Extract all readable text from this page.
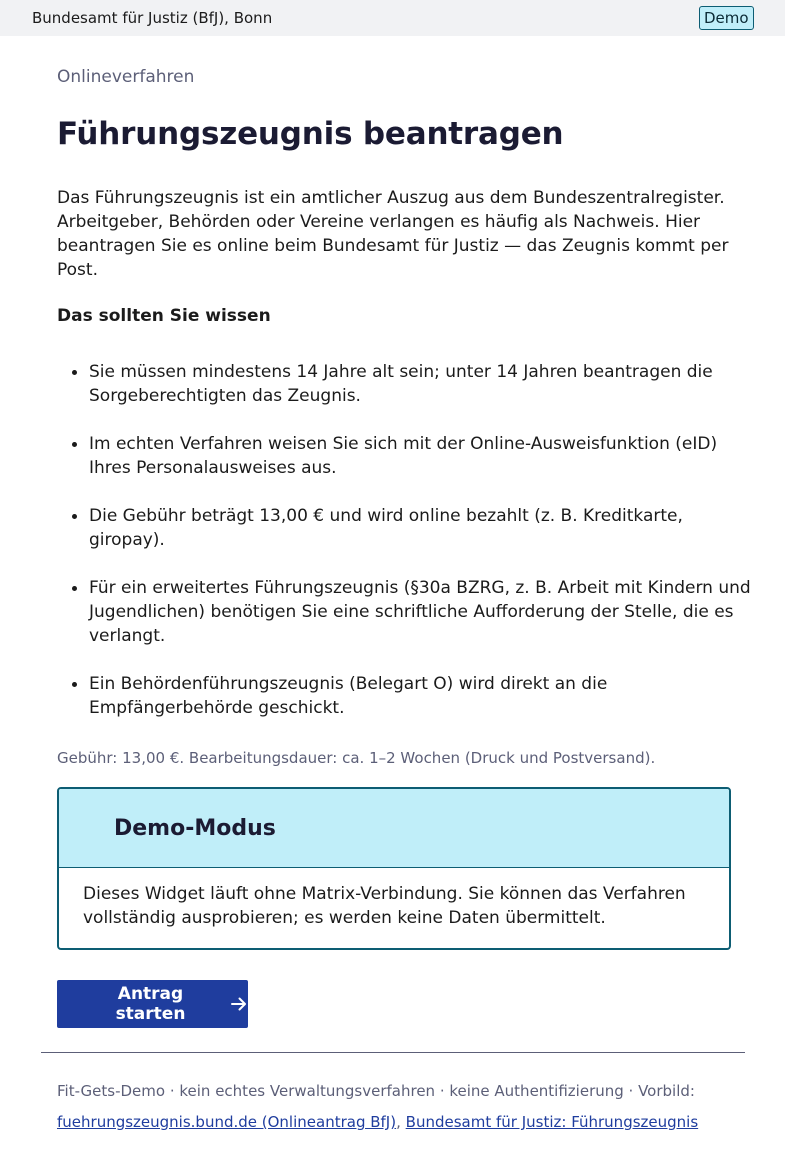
Bundesamt für Justiz (BfJ), Bonn	Demo
Onlineverfahren
Führungszeugnis beantragen

Das Führungszeugnis ist ein amtlicher Auszug aus dem Bundeszentralregister. Arbeitgeber, Behörden oder Vereine verlangen es häufig als Nachweis. Hier beantragen Sie es online beim Bundesamt für Justiz — das Zeugnis kommt per Post.

Das sollten Sie wissen

Sie müssen mindestens 14 Jahre alt sein; unter 14 Jahren beantragen die Sorgeberechtigten das Zeugnis.
Im echten Verfahren weisen Sie sich mit der Online-Ausweisfunktion (eID) Ihres Personalausweises aus.
Die Gebühr beträgt 13,00 € und wird online bezahlt (z. B. Kreditkarte, giropay).
Für ein erweitertes Führungszeugnis (§30a BZRG, z. B. Arbeit mit Kindern und Jugendlichen) benötigen Sie eine schriftliche Aufforderung der Stelle, die es verlangt.
Ein Behördenführungszeugnis (Belegart O) wird direkt an die Empfängerbehörde geschickt.
Gebühr: 13,00 €. Bearbeitungsdauer: ca. 1–2 Wochen (Druck und Postversand).
Demo-Modus
Dieses Widget läuft ohne Matrix-Verbindung. Sie können das Verfahren vollständig ausprobieren; es werden keine Daten übermittelt.
Antrag starten
Fit-Gets-Demo · kein echtes Verwaltungsverfahren · keine Authentifizierung · Vorbild:
fuehrungszeugnis.bund.de (Onlineantrag BfJ), Bundesamt für Justiz: Führungszeugnis
